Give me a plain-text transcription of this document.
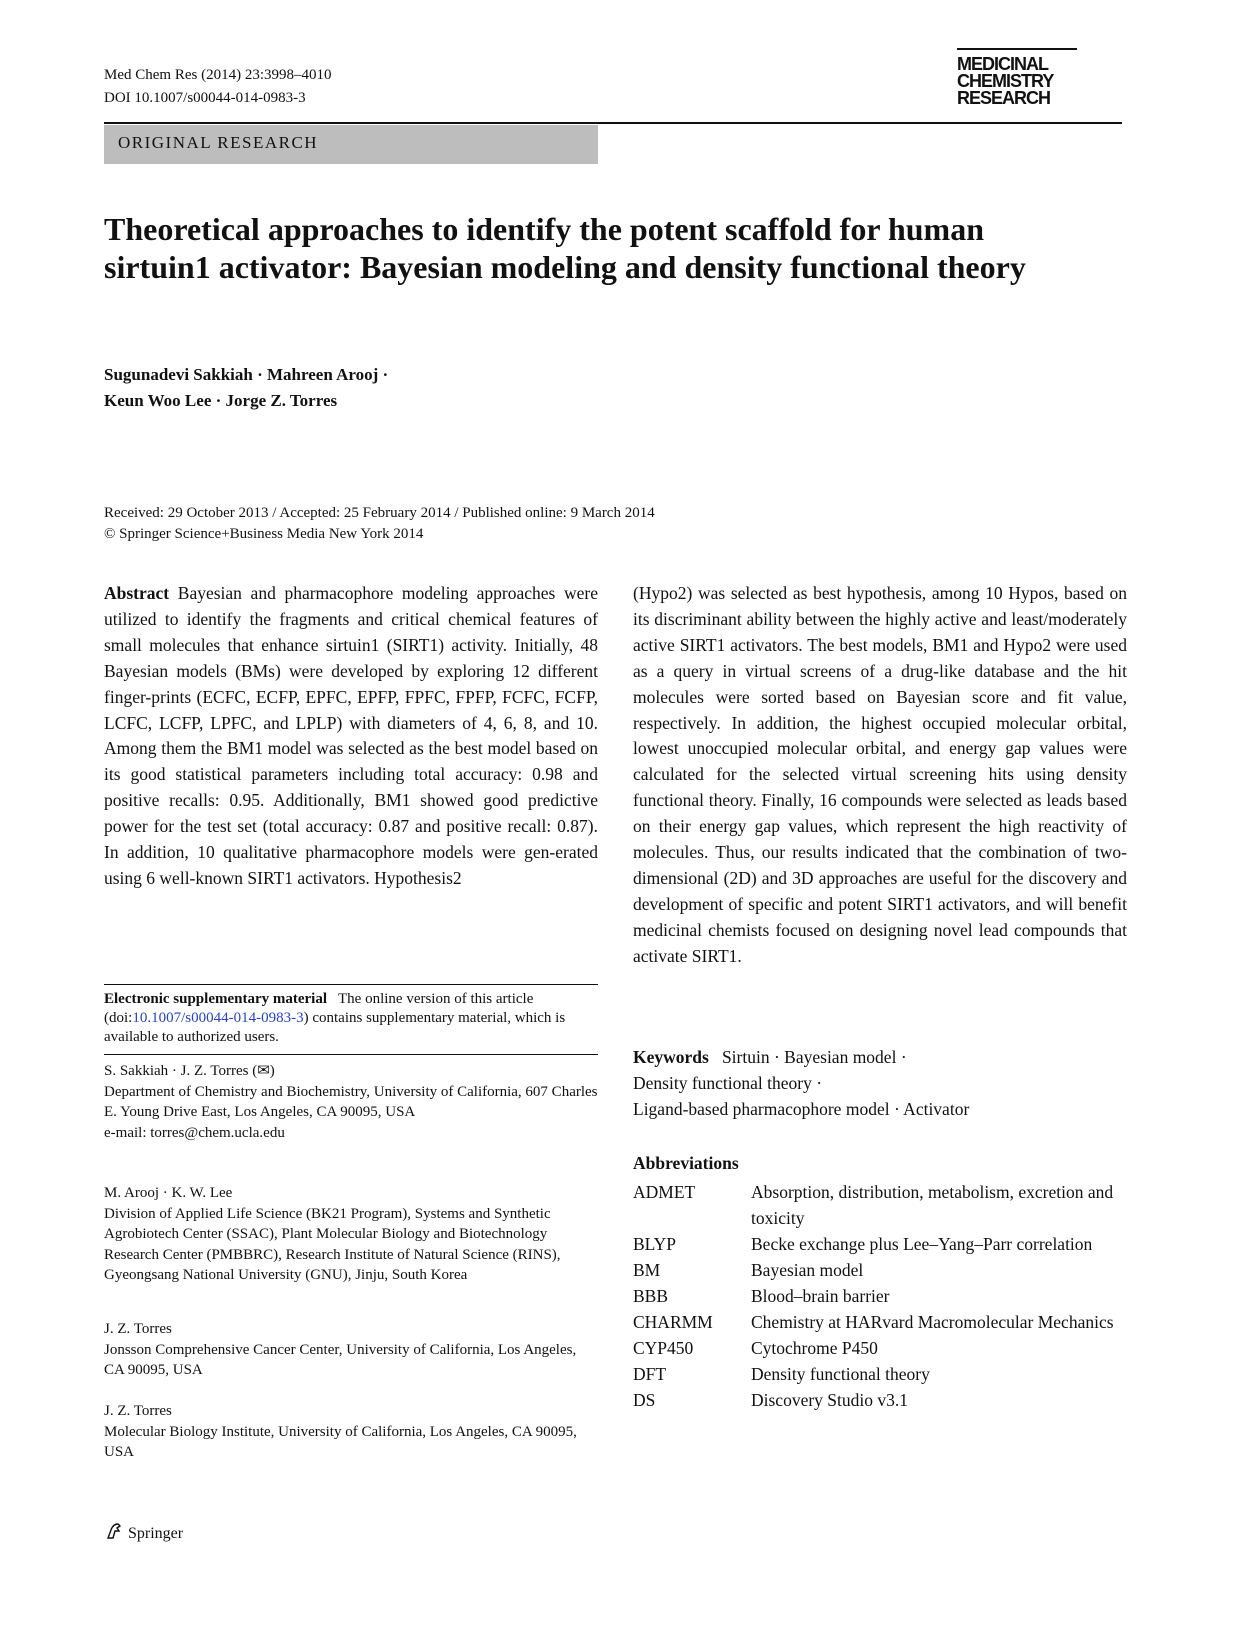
Med Chem Res (2014) 23:3998–4010
DOI 10.1007/s00044-014-0983-3
MEDICINAL
CHEMISTRY
RESEARCH
ORIGINAL RESEARCH
Theoretical approaches to identify the potent scaffold for human sirtuin1 activator: Bayesian modeling and density functional theory
Sugunadevi Sakkiah · Mahreen Arooj ·
Keun Woo Lee · Jorge Z. Torres
Received: 29 October 2013 / Accepted: 25 February 2014 / Published online: 9 March 2014
© Springer Science+Business Media New York 2014
Abstract Bayesian and pharmacophore modeling approaches were utilized to identify the fragments and critical chemical features of small molecules that enhance sirtuin1 (SIRT1) activity. Initially, 48 Bayesian models (BMs) were developed by exploring 12 different finger-prints (ECFC, ECFP, EPFC, EPFP, FPFC, FPFP, FCFC, FCFP, LCFC, LCFP, LPFC, and LPLP) with diameters of 4, 6, 8, and 10. Among them the BM1 model was selected as the best model based on its good statistical parameters including total accuracy: 0.98 and positive recalls: 0.95. Additionally, BM1 showed good predictive power for the test set (total accuracy: 0.87 and positive recall: 0.87). In addition, 10 qualitative pharmacophore models were gen-erated using 6 well-known SIRT1 activators. Hypothesis2
(Hypo2) was selected as best hypothesis, among 10 Hypos, based on its discriminant ability between the highly active and least/moderately active SIRT1 activators. The best models, BM1 and Hypo2 were used as a query in virtual screens of a drug-like database and the hit molecules were sorted based on Bayesian score and fit value, respectively. In addition, the highest occupied molecular orbital, lowest unoccupied molecular orbital, and energy gap values were calculated for the selected virtual screening hits using density functional theory. Finally, 16 compounds were selected as leads based on their energy gap values, which represent the high reactivity of molecules. Thus, our results indicated that the combination of two-dimensional (2D) and 3D approaches are useful for the discovery and development of specific and potent SIRT1 activators, and will benefit medicinal chemists focused on designing novel lead compounds that activate SIRT1.
Electronic supplementary material The online version of this article (doi:10.1007/s00044-014-0983-3) contains supplementary material, which is available to authorized users.
S. Sakkiah · J. Z. Torres (✉)
Department of Chemistry and Biochemistry, University of California, 607 Charles E. Young Drive East, Los Angeles, CA 90095, USA
e-mail: torres@chem.ucla.edu
M. Arooj · K. W. Lee
Division of Applied Life Science (BK21 Program), Systems and Synthetic Agrobiotech Center (SSAC), Plant Molecular Biology and Biotechnology Research Center (PMBBRC), Research Institute of Natural Science (RINS), Gyeongsang National University (GNU), Jinju, South Korea
J. Z. Torres
Jonsson Comprehensive Cancer Center, University of California, Los Angeles, CA 90095, USA
J. Z. Torres
Molecular Biology Institute, University of California, Los Angeles, CA 90095, USA
Keywords Sirtuin · Bayesian model ·
Density functional theory ·
Ligand-based pharmacophore model · Activator
Abbreviations
ADMET	Absorption, distribution, metabolism, excretion and toxicity
BLYP	Becke exchange plus Lee–Yang–Parr correlation
BM	Bayesian model
BBB	Blood–brain barrier
CHARMM	Chemistry at HARvard Macromolecular Mechanics
CYP450	Cytochrome P450
DFT	Density functional theory
DS	Discovery Studio v3.1
Springer
